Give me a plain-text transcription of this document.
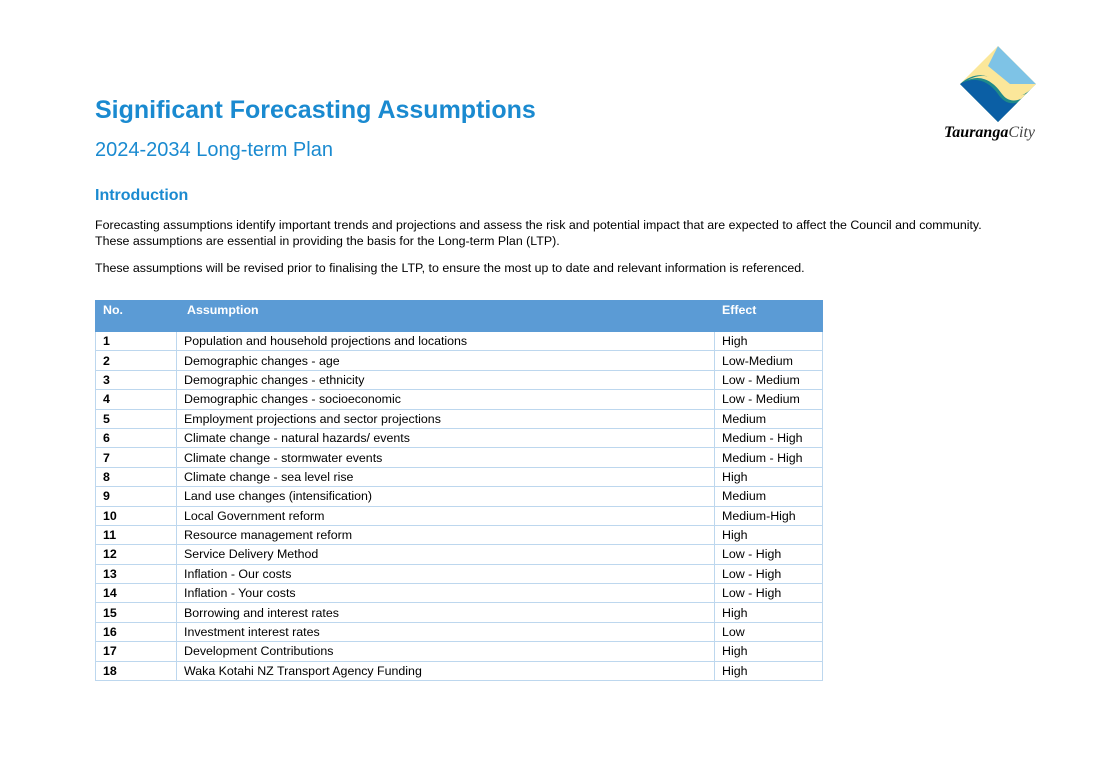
TaurangaCity
Significant Forecasting Assumptions

2024-2034 Long-term Plan

Introduction

Forecasting assumptions identify important trends and projections and assess the risk and potential impact that are expected to affect the Council and community. These assumptions are essential in providing the basis for the Long-term Plan (LTP).

These assumptions will be revised prior to finalising the LTP, to ensure the most up to date and relevant information is referenced.

No.	Assumption	Effect
1	Population and household projections and locations	High
2	Demographic changes - age	Low-Medium
3	Demographic changes - ethnicity	Low - Medium
4	Demographic changes - socioeconomic	Low - Medium
5	Employment projections and sector projections	Medium
6	Climate change - natural hazards/ events	Medium - High
7	Climate change - stormwater events	Medium - High
8	Climate change - sea level rise	High
9	Land use changes (intensification)	Medium
10	Local Government reform	Medium-High
11	Resource management reform	High
12	Service Delivery Method	Low - High
13	Inflation - Our costs	Low - High
14	Inflation - Your costs	Low - High
15	Borrowing and interest rates	High
16	Investment interest rates	Low
17	Development Contributions	High
18	Waka Kotahi NZ Transport Agency Funding	High
